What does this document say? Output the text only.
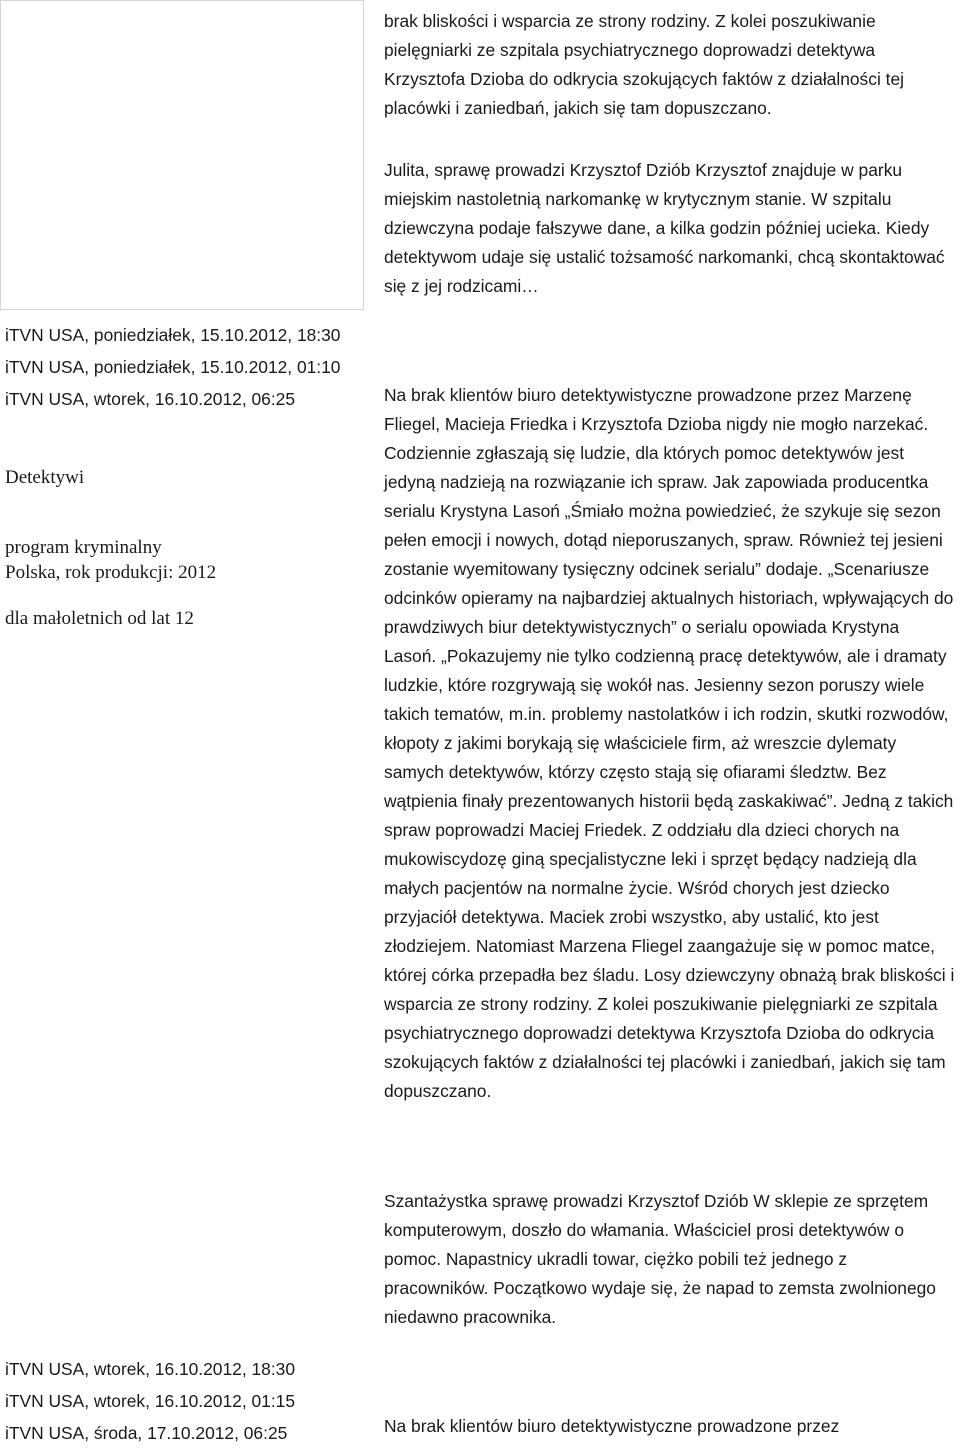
brak bliskości i wsparcia ze strony rodziny. Z kolei poszukiwanie pielęgniarki ze szpitala psychiatrycznego doprowadzi detektywa Krzysztofa Dzioba do odkrycia szokujących faktów z działalności tej placówki i zaniedbań, jakich się tam dopuszczano.

Julita, sprawę prowadzi Krzysztof Dziób Krzysztof znajduje w parku miejskim nastoletnią narkomankę w krytycznym stanie. W szpitalu dziewczyna podaje fałszywe dane, a kilka godzin później ucieka. Kiedy detektywom udaje się ustalić tożsamość narkomanki, chcą skontaktować się z jej rodzicami…

iTVN USA, poniedziałek, 15.10.2012, 18:30
iTVN USA, poniedziałek, 15.10.2012, 01:10
iTVN USA, wtorek, 16.10.2012, 06:25
Detektywi
program kryminalny
Polska, rok produkcji: 2012
dla małoletnich od lat 12

Na brak klientów biuro detektywistyczne prowadzone przez Marzenę Fliegel, Macieja Friedka i Krzysztofa Dzioba nigdy nie mogło narzekać. Codziennie zgłaszają się ludzie, dla których pomoc detektywów jest jedyną nadzieją na rozwiązanie ich spraw. Jak zapowiada producentka serialu Krystyna Lasoń „Śmiało można powiedzieć, że szykuje się sezon pełen emocji i nowych, dotąd nieporuszanych, spraw. Również tej jesieni zostanie wyemitowany tysięczny odcinek serialu” dodaje. „Scenariusze odcinków opieramy na najbardziej aktualnych historiach, wpływających do prawdziwych biur detektywistycznych” o serialu opowiada Krystyna Lasoń. „Pokazujemy nie tylko codzienną pracę detektywów, ale i dramaty ludzkie, które rozgrywają się wokół nas. Jesienny sezon poruszy wiele takich tematów, m.in. problemy nastolatków i ich rodzin, skutki rozwodów, kłopoty z jakimi borykają się właściciele firm, aż wreszcie dylematy samych detektywów, którzy często stają się ofiarami śledztw. Bez wątpienia finały prezentowanych historii będą zaskakiwać”. Jedną z takich spraw poprowadzi Maciej Friedek. Z oddziału dla dzieci chorych na mukowiscydozę giną specjalistyczne leki i sprzęt będący nadzieją dla małych pacjentów na normalne życie. Wśród chorych jest dziecko przyjaciół detektywa. Maciek zrobi wszystko, aby ustalić, kto jest złodziejem. Natomiast Marzena Fliegel zaangażuje się w pomoc matce, której córka przepadła bez śladu. Losy dziewczyny obnażą brak bliskości i wsparcia ze strony rodziny. Z kolei poszukiwanie pielęgniarki ze szpitala psychiatrycznego doprowadzi detektywa Krzysztofa Dzioba do odkrycia szokujących faktów z działalności tej placówki i zaniedbań, jakich się tam dopuszczano.

Szantażystka sprawę prowadzi Krzysztof Dziób W sklepie ze sprzętem komputerowym, doszło do włamania. Właściciel prosi detektywów o pomoc. Napastnicy ukradli towar, ciężko pobili też jednego z pracowników. Początkowo wydaje się, że napad to zemsta zwolnionego niedawno pracownika.

iTVN USA, wtorek, 16.10.2012, 18:30
iTVN USA, wtorek, 16.10.2012, 01:15
iTVN USA, środa, 17.10.2012, 06:25	Na brak klientów biuro detektywistyczne prowadzone przez
